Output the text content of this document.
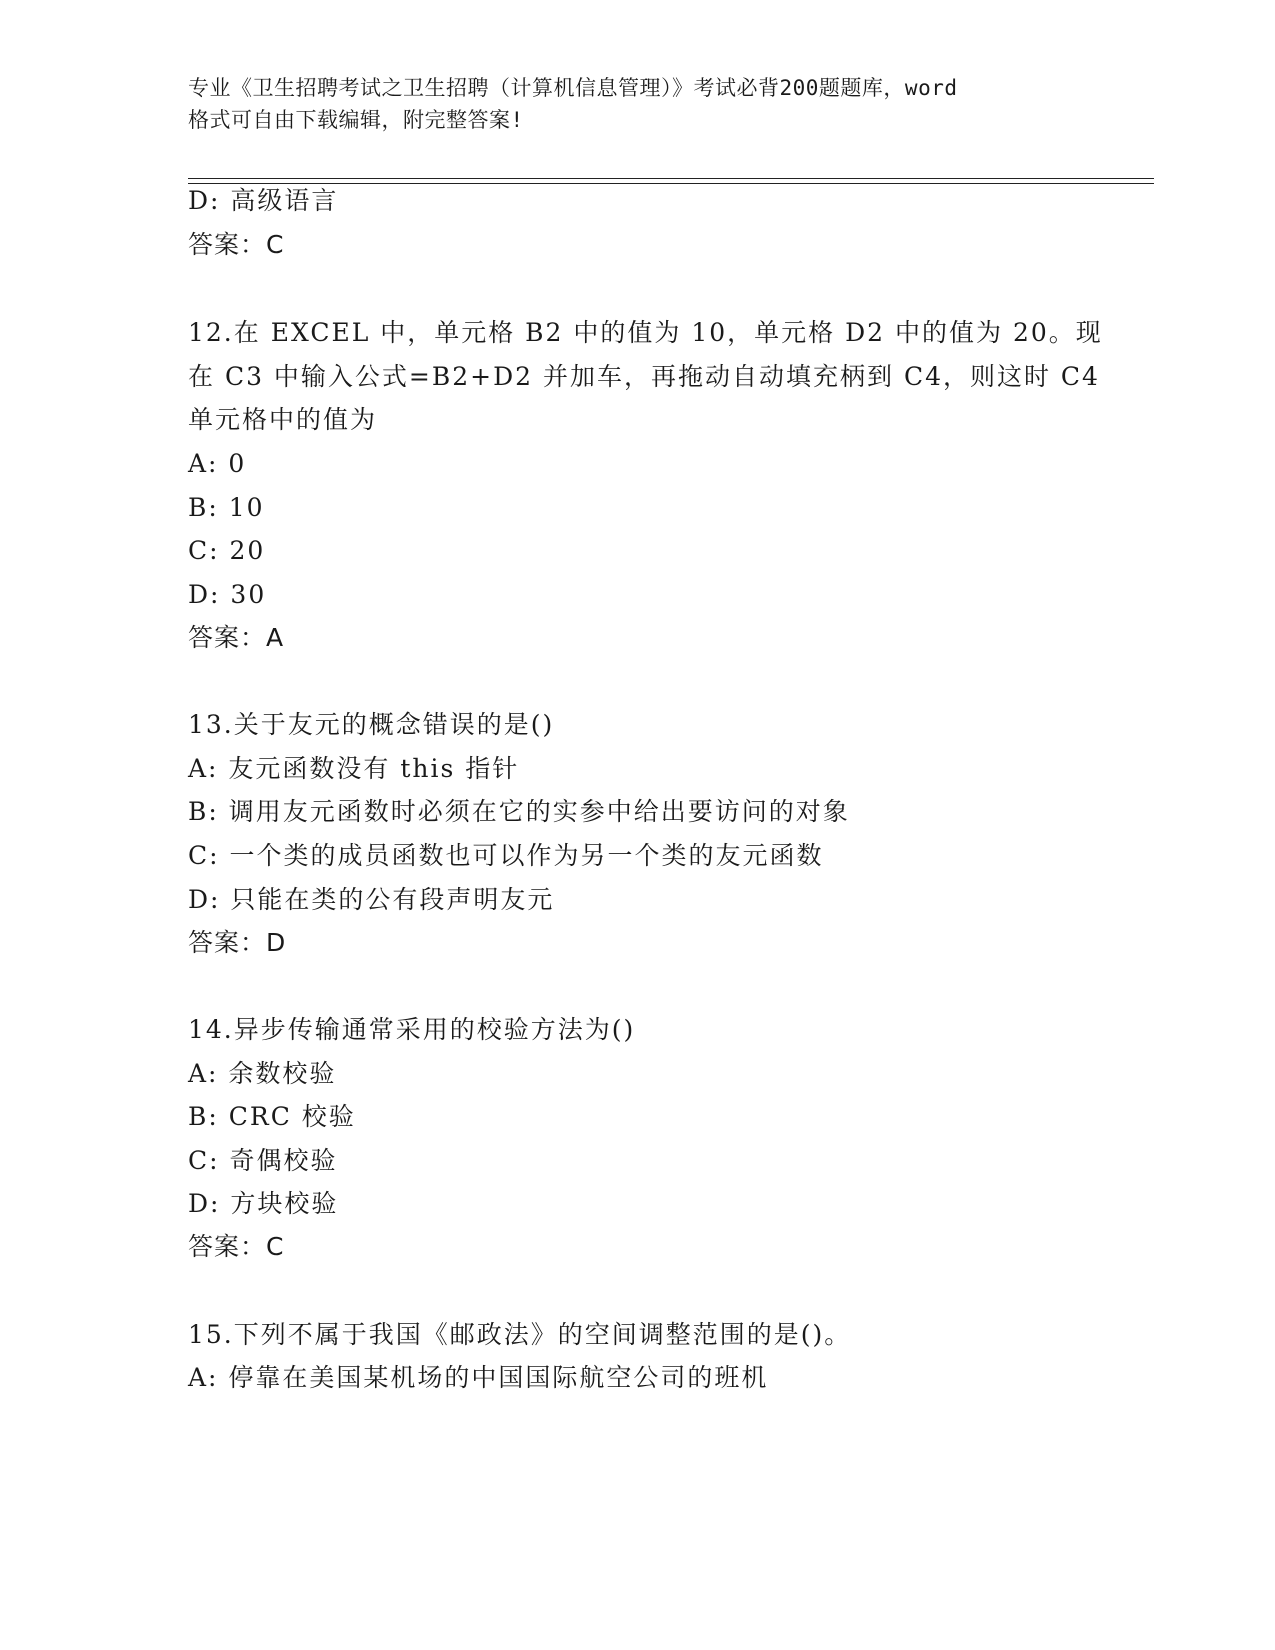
专业《卫生招聘考试之卫生招聘（计算机信息管理）》考试必背200题题库，word
格式可自由下载编辑，附完整答案!
D: 高级语言
答案：C
12.在 EXCEL 中，单元格 B2 中的值为 10，单元格 D2 中的值为 20。现
在 C3 中输入公式=B2+D2 并加车，再拖动自动填充柄到 C4，则这时 C4
单元格中的值为
A: 0
B: 10
C: 20
D: 30
答案：A
13.关于友元的概念错误的是()
A: 友元函数没有 this 指针
B: 调用友元函数时必须在它的实参中给出要访问的对象
C: 一个类的成员函数也可以作为另一个类的友元函数
D: 只能在类的公有段声明友元
答案：D
14.异步传输通常采用的校验方法为()
A: 余数校验
B: CRC 校验
C: 奇偶校验
D: 方块校验
答案：C
15.下列不属于我国《邮政法》的空间调整范围的是()。
A: 停靠在美国某机场的中国国际航空公司的班机
